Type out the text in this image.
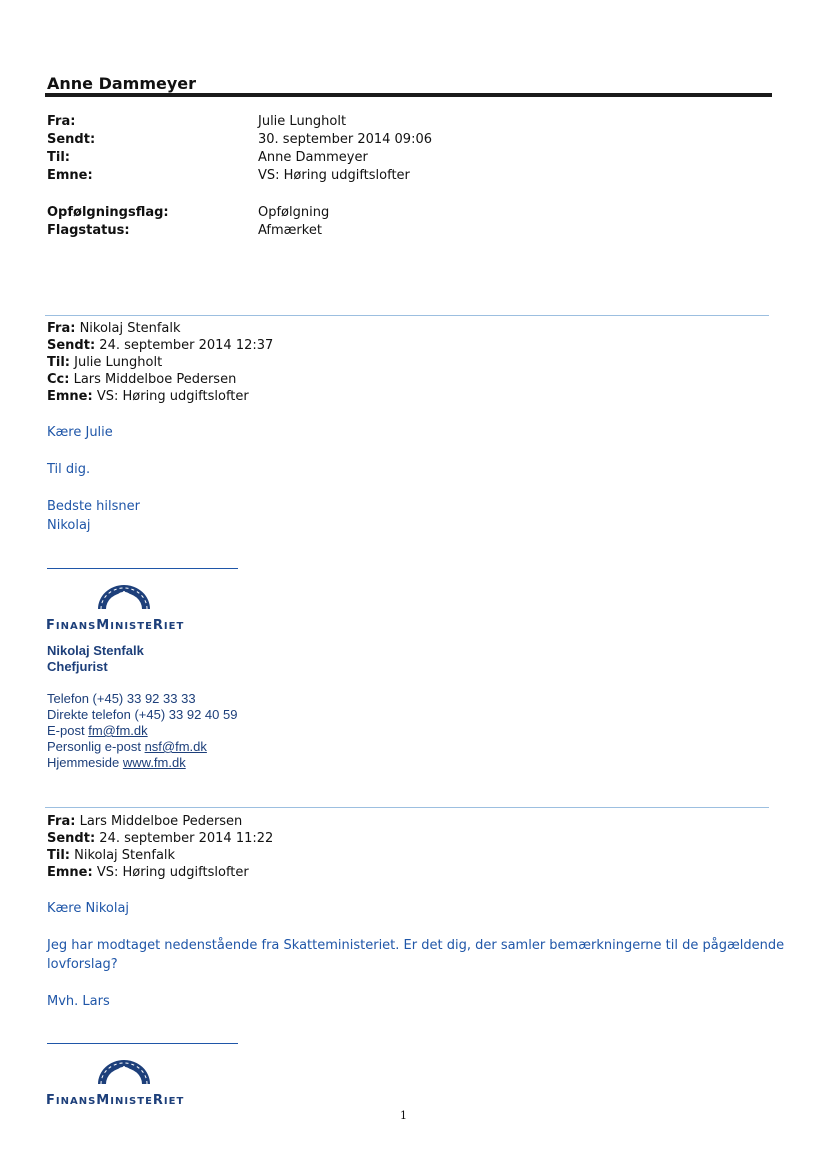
Anne Dammeyer
Fra:	Julie Lungholt
Sendt:	30. september 2014 09:06
Til:	Anne Dammeyer
Emne:	VS: Høring udgiftslofter
Opfølgningsflag:	Opfølgning
Flagstatus:	Afmærket
Fra: Nikolaj Stenfalk
Sendt: 24. september 2014 12:37
Til: Julie Lungholt
Cc: Lars Middelboe Pedersen
Emne: VS: Høring udgiftslofter
Kære Julie
Til dig.
Bedste hilsner
Nikolaj
FINANSMINISTERIET
Nikolaj Stenfalk
Chefjurist
Telefon (+45) 33 92 33 33
Direkte telefon (+45) 33 92 40 59
E-post fm@fm.dk
Personlig e-post nsf@fm.dk
Hjemmeside www.fm.dk
Fra: Lars Middelboe Pedersen
Sendt: 24. september 2014 11:22
Til: Nikolaj Stenfalk
Emne: VS: Høring udgiftslofter
Kære Nikolaj
Jeg har modtaget nedenstående fra Skatteministeriet. Er det dig, der samler bemærkningerne til de pågældende
lovforslag?
Mvh. Lars
FINANSMINISTERIET
1
